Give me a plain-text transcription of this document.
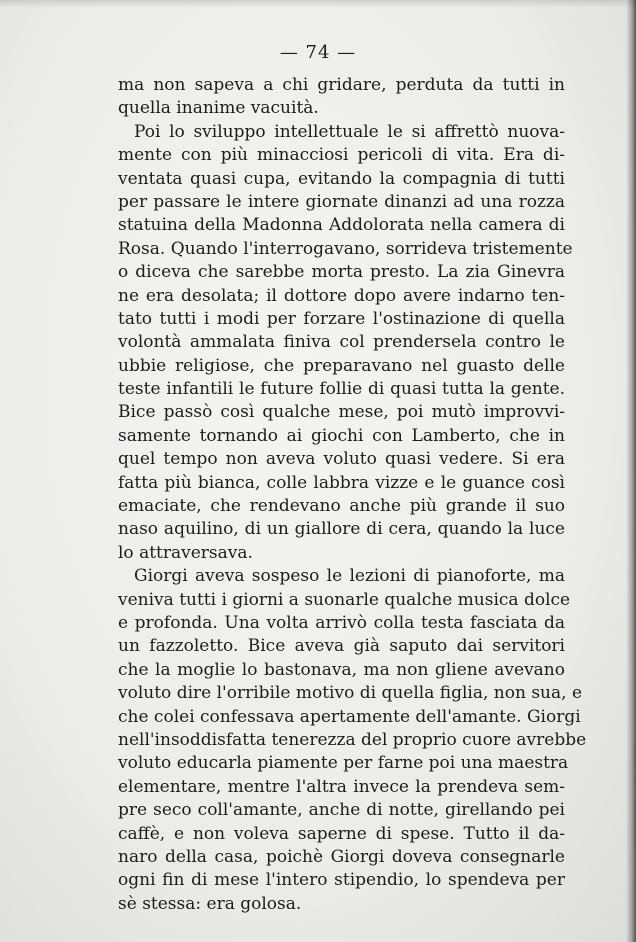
— 74 —
ma non sapeva a chi gridare, perduta da tutti in
quella inanime vacuità.
Poi lo sviluppo intellettuale le si affrettò nuova-
mente con più minacciosi pericoli di vita. Era di-
ventata quasi cupa, evitando la compagnia di tutti
per passare le intere giornate dinanzi ad una rozza
statuina della Madonna Addolorata nella camera di
Rosa. Quando l'interrogavano, sorrideva tristemente
o diceva che sarebbe morta presto. La zia Ginevra
ne era desolata; il dottore dopo avere indarno ten-
tato tutti i modi per forzare l'ostinazione di quella
volontà ammalata finiva col prendersela contro le
ubbie religiose, che preparavano nel guasto delle
teste infantili le future follie di quasi tutta la gente.
Bice passò così qualche mese, poi mutò improvvi-
samente tornando ai giochi con Lamberto, che in
quel tempo non aveva voluto quasi vedere. Si era
fatta più bianca, colle labbra vizze e le guance così
emaciate, che rendevano anche più grande il suo
naso aquilino, di un giallore di cera, quando la luce
lo attraversava.
Giorgi aveva sospeso le lezioni di pianoforte, ma
veniva tutti i giorni a suonarle qualche musica dolce
e profonda. Una volta arrivò colla testa fasciata da
un fazzoletto. Bice aveva già saputo dai servitori
che la moglie lo bastonava, ma non gliene avevano
voluto dire l'orribile motivo di quella figlia, non sua, e
che colei confessava apertamente dell'amante. Giorgi
nell'insoddisfatta tenerezza del proprio cuore avrebbe
voluto educarla piamente per farne poi una maestra
elementare, mentre l'altra invece la prendeva sem-
pre seco coll'amante, anche di notte, girellando pei
caffè, e non voleva saperne di spese. Tutto il da-
naro della casa, poichè Giorgi doveva consegnarle
ogni fin di mese l'intero stipendio, lo spendeva per
sè stessa: era golosa.
